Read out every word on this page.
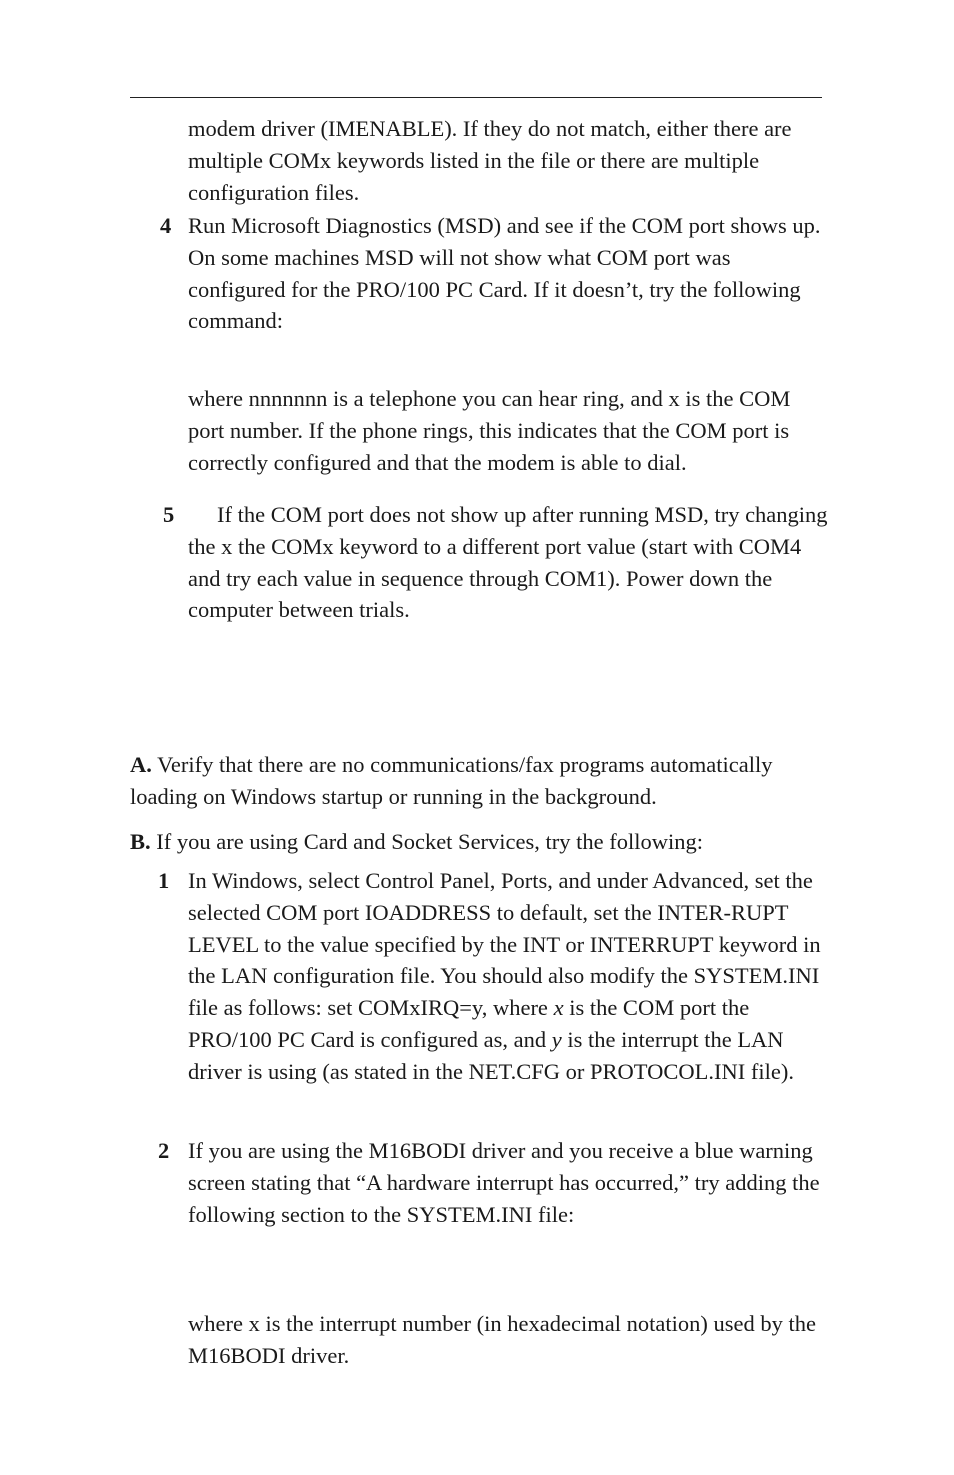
modem driver (IMENABLE). If they do not match, either there are multiple COMx keywords listed in the file or there are multiple configuration files.

4 Run Microsoft Diagnostics (MSD) and see if the COM port shows up. On some machines MSD will not show what COM port was configured for the PRO/100 PC Card. If it doesn’t, try the following command:

where nnnnnnn is a telephone you can hear ring, and x is the COM port number. If the phone rings, this indicates that the COM port is correctly configured and that the modem is able to dial.

5	If the COM port does not show up after running MSD, try changing the x the COMx keyword to a different port value (start with COM4 and try each value in sequence through COM1). Power down the computer between trials.

A. Verify that there are no communications/fax programs automatically loading on Windows startup or running in the background.

B. If you are using Card and Socket Services, try the following:

1 In Windows, select Control Panel, Ports, and under Advanced, set the selected COM port IOADDRESS to default, set the INTER-RUPT LEVEL to the value specified by the INT or INTERRUPT keyword in the LAN configuration file. You should also modify the SYSTEM.INI file as follows: set COMxIRQ=y, where x is the COM port the PRO/100 PC Card is configured as, and y is the interrupt the LAN driver is using (as stated in the NET.CFG or PROTOCOL.INI file).

2 If you are using the M16BODI driver and you receive a blue warning screen stating that “A hardware interrupt has occurred,” try adding the following section to the SYSTEM.INI file:

where x is the interrupt number (in hexadecimal notation) used by the M16BODI driver.
